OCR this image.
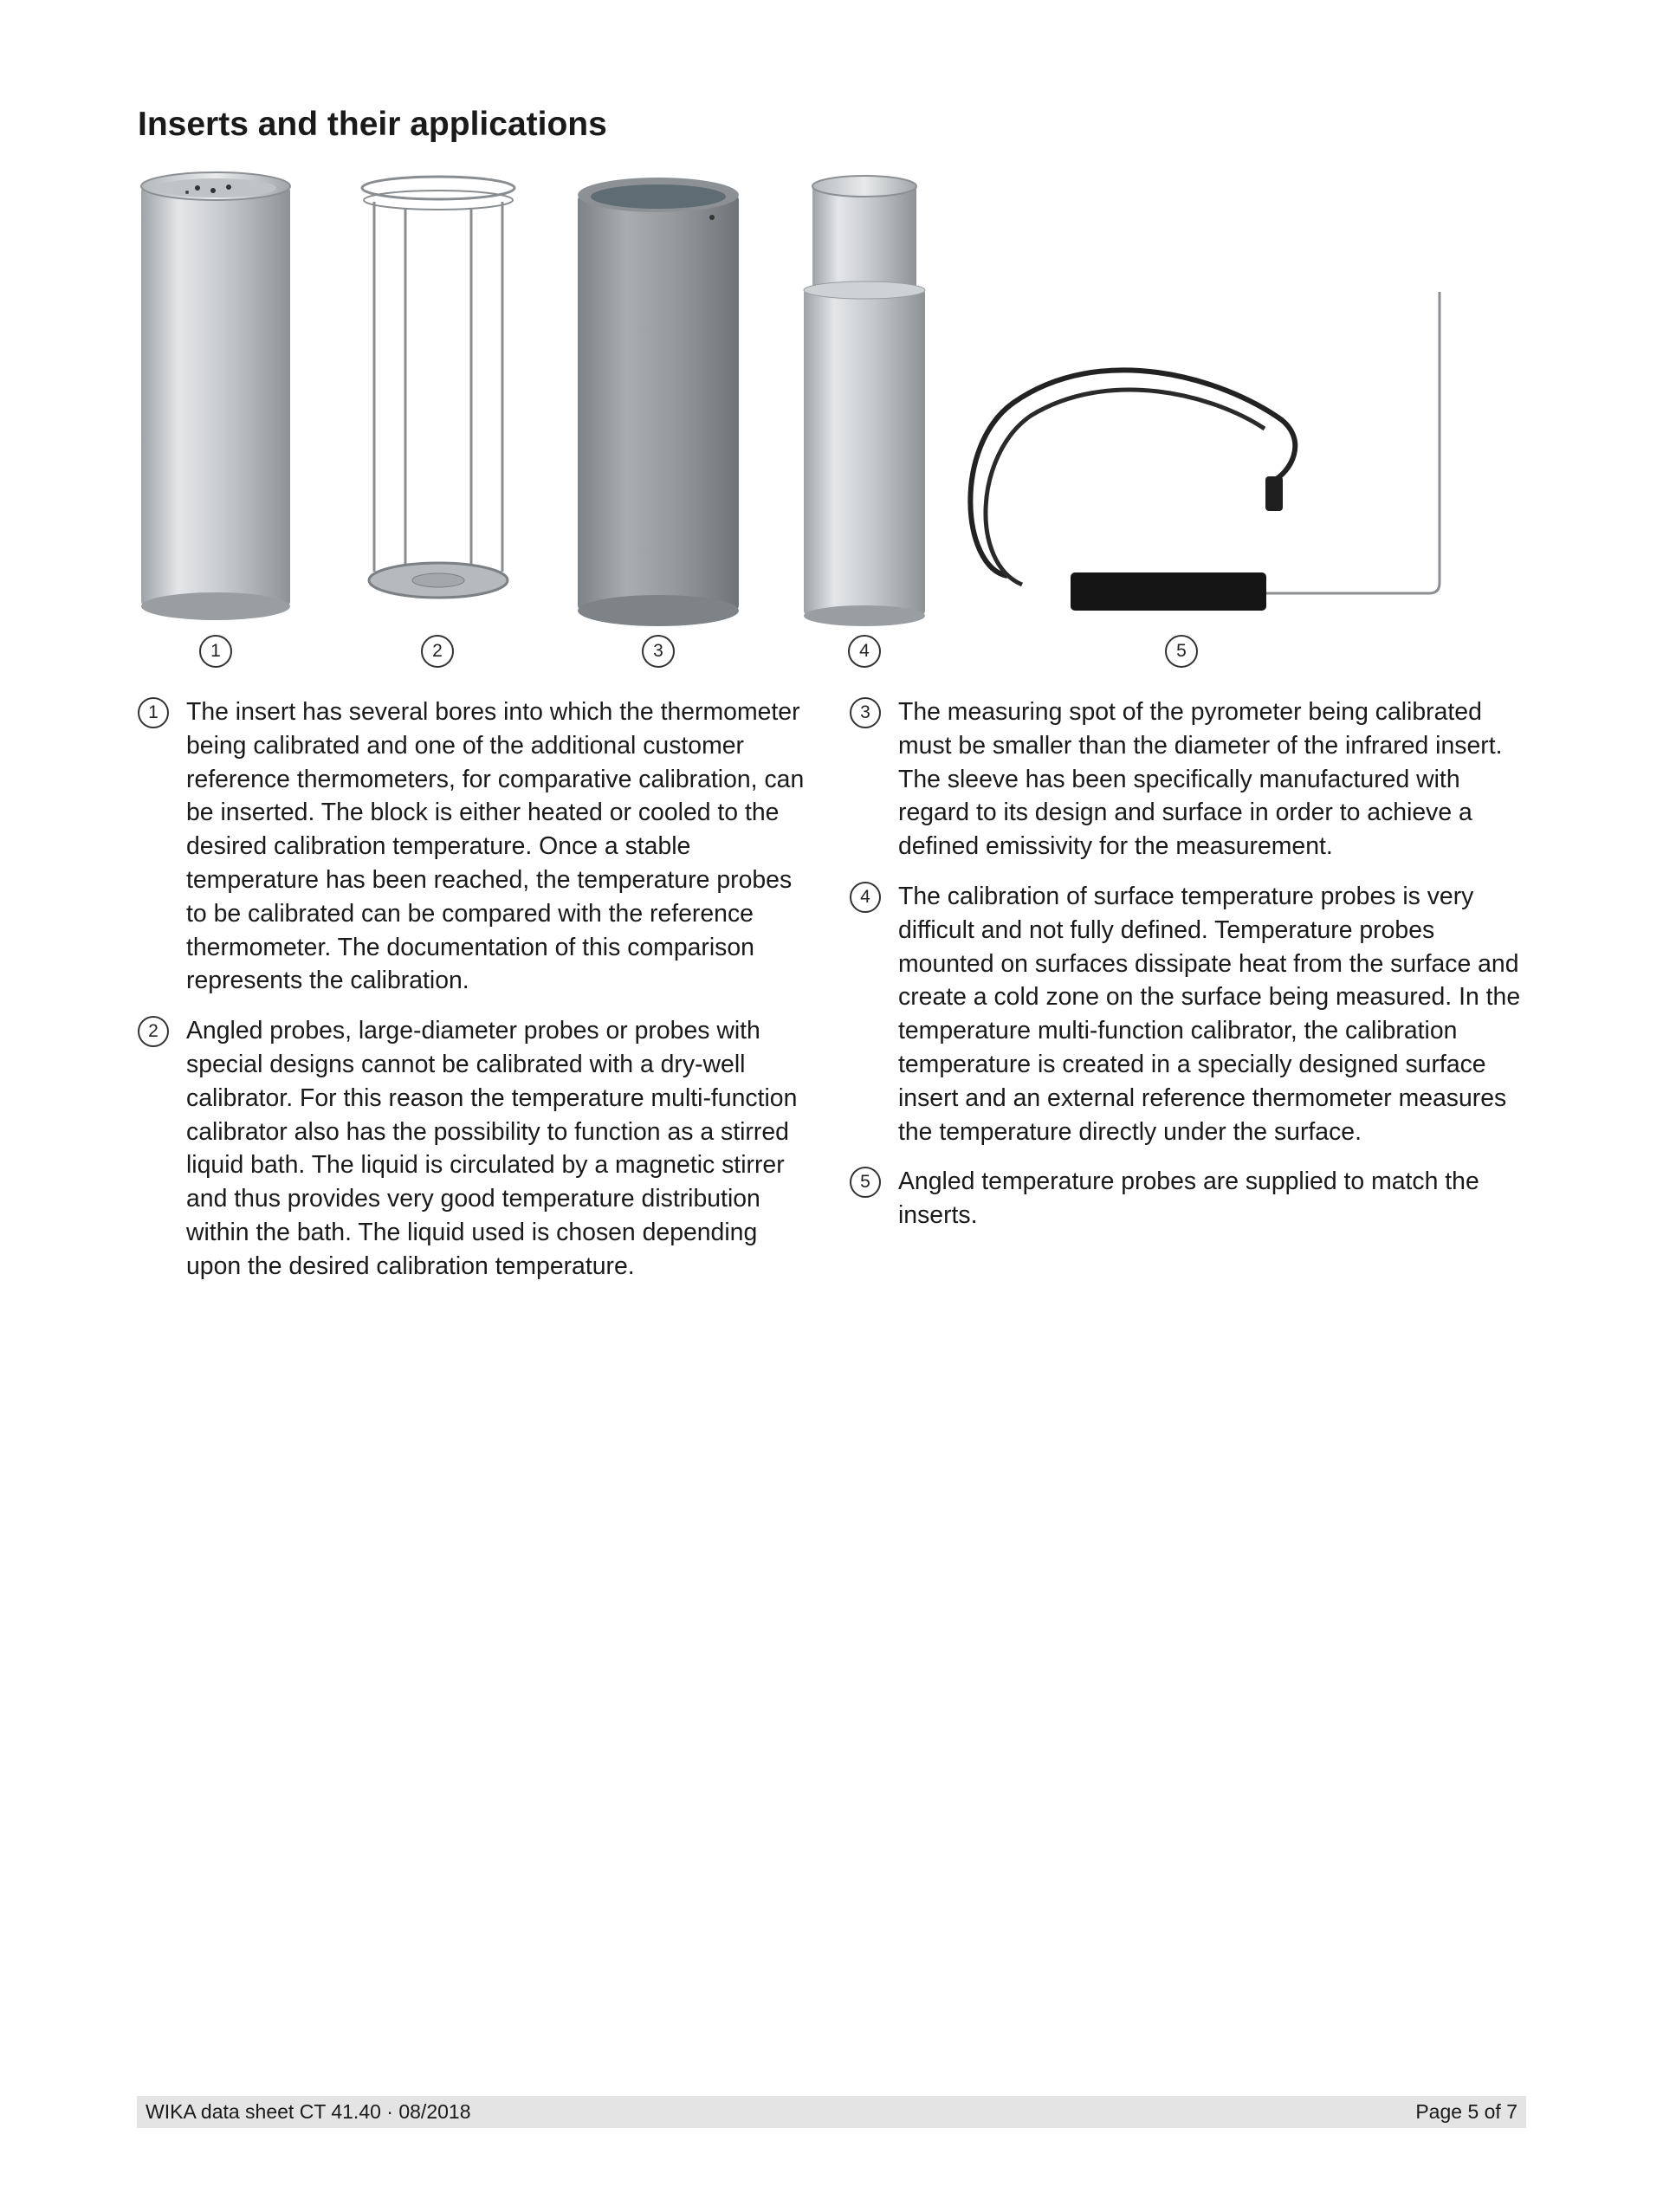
Inserts and their applications
1	2	3	4	5
1	The insert has several bores into which the thermometer being calibrated and one of the additional customer reference thermometers, for comparative calibration, can be inserted. The block is either heated or cooled to the desired calibration temperature. Once a stable temperature has been reached, the temperature probes to be calibrated can be compared with the reference thermometer. The documentation of this comparison represents the calibration.
2	Angled probes, large-diameter probes or probes with special designs cannot be calibrated with a dry-well calibrator. For this reason the temperature multi-function calibrator also has the possibility to function as a stirred liquid bath. The liquid is circulated by a magnetic stirrer and thus provides very good temperature distribution within the bath. The liquid used is chosen depending upon the desired calibration temperature.
3	The measuring spot of the pyrometer being calibrated must be smaller than the diameter of the infrared insert. The sleeve has been specifically manufactured with regard to its design and surface in order to achieve a defined emissivity for the measurement.
4	The calibration of surface temperature probes is very difficult and not fully defined. Temperature probes mounted on surfaces dissipate heat from the surface and create a cold zone on the surface being measured. In the temperature multi-function calibrator, the calibration temperature is created in a specially designed surface insert and an external reference thermometer measures the temperature directly under the surface.
5	Angled temperature probes are supplied to match the inserts.
WIKA data sheet CT 41.40 · 08/2018	Page 5 of 7
